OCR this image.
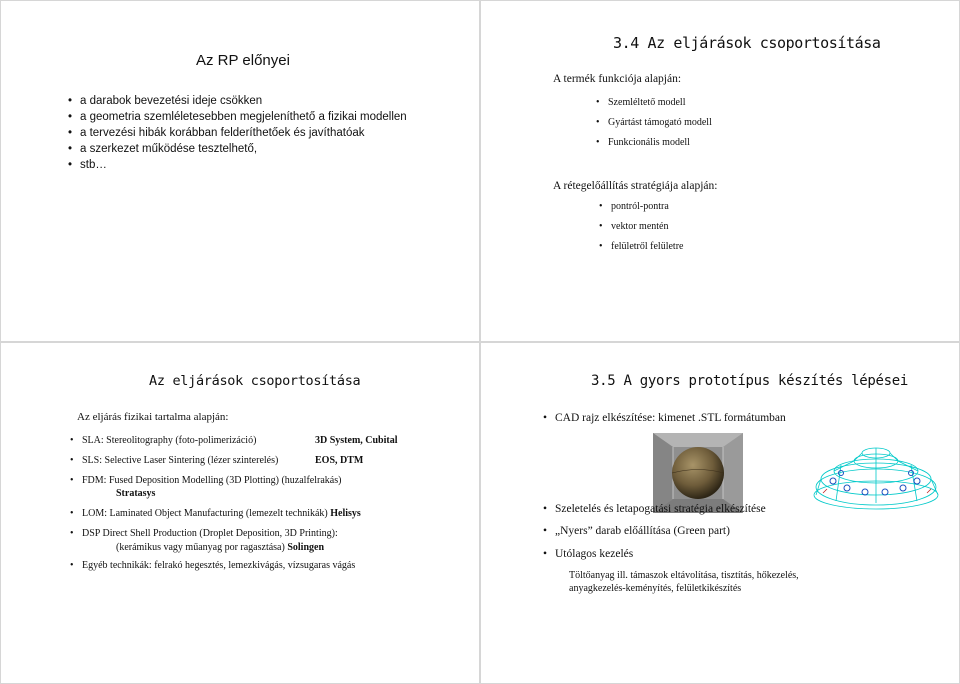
Az RP előnyei
• a darabok bevezetési ideje csökken
• a geometria szemléletesebben megjeleníthető a fizikai modellen
• a tervezési hibák korábban felderíthetőek és javíthatóak
• a szerkezet működése tesztelhető,
• stb…
3.4 Az eljárások csoportosítása
A termék funkciója alapján:
• Szemléltető modell
• Gyártást támogató modell
• Funkcionális modell
A rétegelőállítás stratégiája alapján:
• pontról-pontra
• vektor mentén
• felületről felületre
Az eljárások csoportosítása
Az eljárás fizikai tartalma alapján:
• SLA: Stereolitography (foto-polimerizáció)	3D System, Cubital
• SLS: Selective Laser Sintering (lézer szinterelés)	EOS, DTM
• FDM: Fused Deposition Modelling (3D Plotting) (huzalfelrakás)
Stratasys
• LOM: Laminated Object Manufacturing (lemezelt technikák) Helisys
• DSP Direct Shell Production (Droplet Deposition, 3D Printing):
(kerámikus vagy műanyag por ragasztása) Solingen
• Egyéb technikák: felrakó hegesztés, lemezkivágás, vízsugaras vágás
3.5 A gyors prototípus készítés lépései
• CAD rajz elkészítése: kimenet .STL formátumban
• Szeletelés és letapogatási stratégia elkészítése
• „Nyers” darab előállítása (Green part)
• Utólagos kezelés
Töltőanyag ill. támaszok eltávolítása, tisztítás, hőkezelés,
anyagkezelés-keményítés, felületkikészítés
